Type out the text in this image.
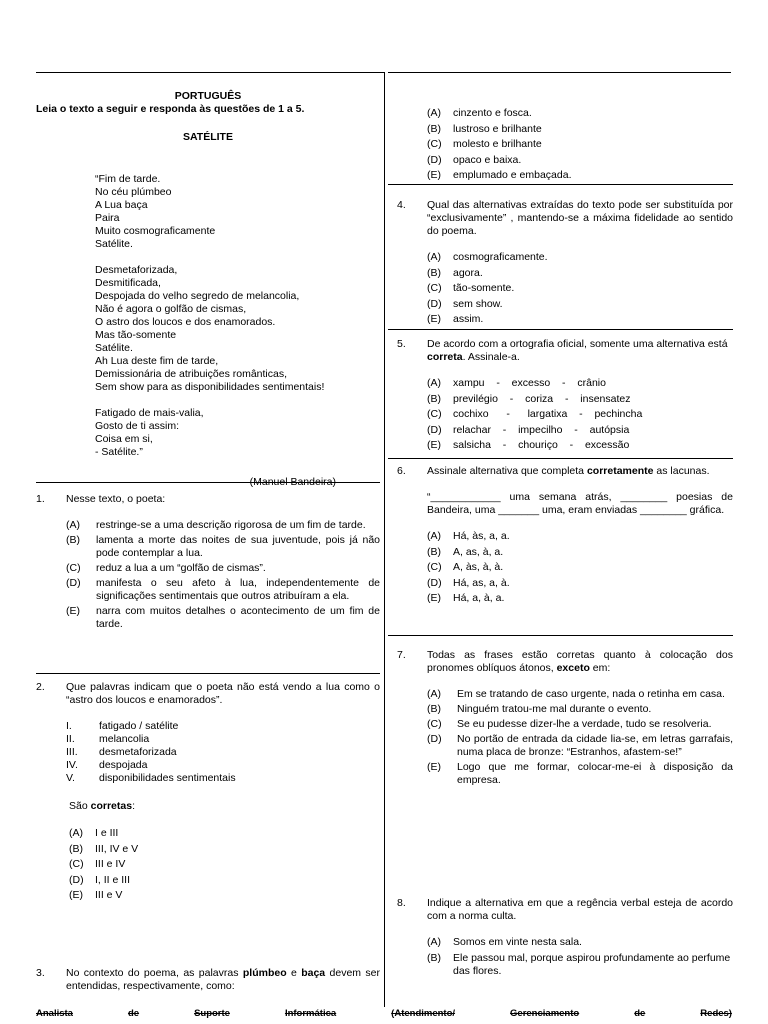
PORTUGUÊS
Leia o texto a seguir e responda às questões de 1 a 5.
SATÉLITE
“Fim de tarde.
No céu plúmbeo
A Lua baça
Paira
Muito cosmograficamente
Satélite.
Desmetaforizada,
Desmitificada,
Despojada do velho segredo de melancolia,
Não é agora o golfão de cismas,
O astro dos loucos e dos enamorados.
Mas tão-somente
Satélite.
Ah Lua deste fim de tarde,
Demissionária de atribuições românticas,
Sem show para as disponibilidades sentimentais!
Fatigado de mais-valia,
Gosto de ti assim:
Coisa em si,
- Satélite.”
(Manuel Bandeira)
1.	Nesse texto, o poeta:
(A)	restringe-se a uma descrição rigorosa de um fim de tarde.
(B)	lamenta a morte das noites de sua juventude, pois já não pode contemplar a lua.
(C)	reduz a lua a um “golfão de cismas”.
(D)	manifesta o seu afeto à lua, independentemente de significações sentimentais que outros atribuíram a ela.
(E)	narra com muitos detalhes o acontecimento de um fim de tarde.
2.	Que palavras indicam que o poeta não está vendo a lua como o “astro dos loucos e enamorados”.
I.	fatigado / satélite
II.	melancolia
III.	desmetaforizada
IV.	despojada
V.	disponibilidades sentimentais
São corretas:
(A)	I e III
(B)	III, IV e V
(C)	III e IV
(D)	I, II e III
(E)	III e V
3.	No contexto do poema, as palavras plúmbeo e baça devem ser entendidas, respectivamente, como:
(A)	cinzento e fosca.
(B)	lustroso e brilhante
(C)	molesto e brilhante
(D)	opaco e baixa.
(E)	emplumado e embaçada.
4.	Qual das alternativas extraídas do texto pode ser substituída por “exclusivamente” , mantendo-se a máxima fidelidade ao sentido do poema.
(A)	cosmograficamente.
(B)	agora.
(C)	tão-somente.
(D)	sem show.
(E)	assim.
5.	De acordo com a ortografia oficial, somente uma alternativa está correta. Assinale-a.
(A)	xampu  -  excesso  -  crânio
(B)	previlégio  -  coriza  -  insensatez
(C)	cochixo   -   largatixa  -  pechincha
(D)	relachar  -  impecilho  -  autópsia
(E)	salsicha  -  chouriço  -  excessão
6.	Assinale alternativa que completa corretamente as lacunas.
“____________ uma semana atrás, ________ poesias de Bandeira, uma _______ uma, eram enviadas ________ gráfica.
(A)	Há, às, a, a.
(B)	A, as, à, a.
(C)	A, às, à, à.
(D)	Há, as, a, à.
(E)	Há, a, à, a.
7.	Todas as frases estão corretas quanto à colocação dos pronomes oblíquos átonos, exceto em:
(A)	Em se tratando de caso urgente, nada o retinha em casa.
(B)	Ninguém tratou-me mal durante o evento.
(C)	Se eu pudesse dizer-lhe a verdade, tudo se resolveria.
(D)	No portão de entrada da cidade lia-se, em letras garrafais, numa placa de bronze: “Estranhos, afastem-se!”
(E)	Logo que me formar, colocar-me-ei à disposição da empresa.
8.	Indique a alternativa em que a regência verbal esteja de acordo com a norma culta.
(A)	Somos em vinte nesta sala.
(B)	Ele passou mal, porque aspirou profundamente ao perfume das flores.
Analista	de	Suporte	Informática	(Atendimento/	Gerenciamento	de	Redes)
